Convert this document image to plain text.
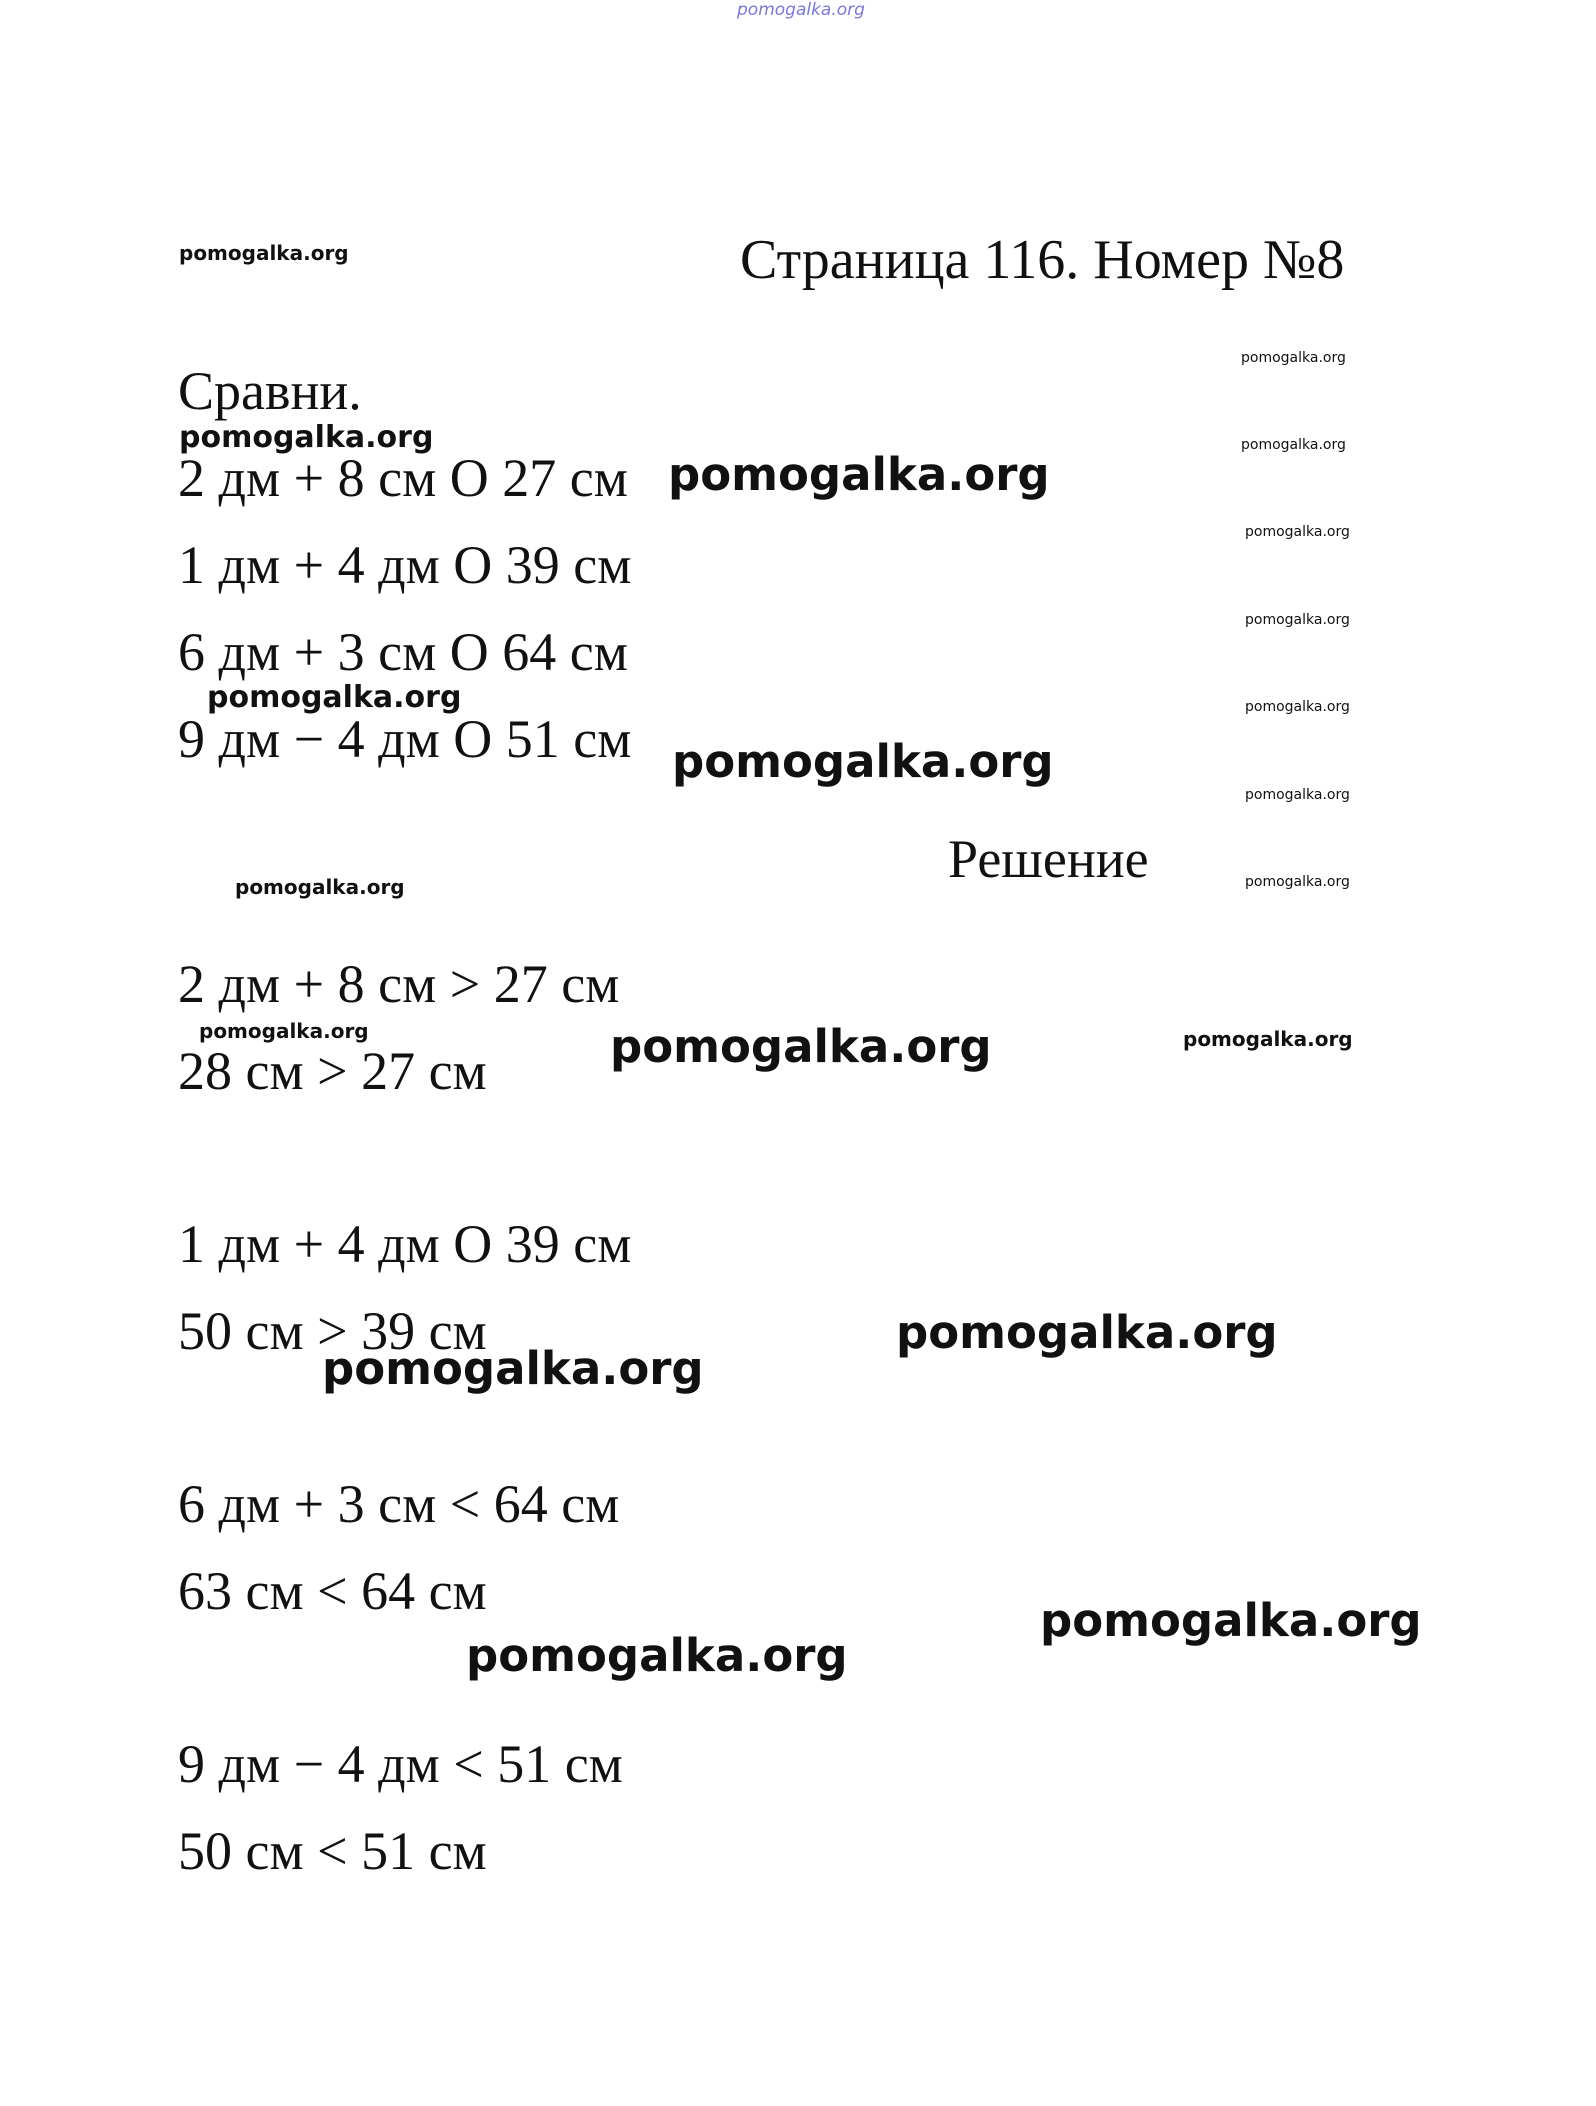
pomogalka.org
Страница 116. Номер №8
Сравни.
2 дм + 8 см О 27 см
1 дм + 4 дм О 39 см
6 дм + 3 см О 64 см
9 дм − 4 дм О 51 см
Решение
2 дм + 8 см > 27 см
28 см > 27 см
1 дм + 4 дм О 39 см
50 см > 39 см
6 дм + 3 см < 64 см
63 см < 64 см
9 дм − 4 дм < 51 см
50 см < 51 см
pomogalka.org
pomogalka.org
pomogalka.org	pomogalka.org
pomogalka.org
pomogalka.org
pomogalka.org
pomogalka.org	pomogalka.org
pomogalka.org
pomogalka.org
pomogalka.org	pomogalka.org
pomogalka.org	pomogalka.org	pomogalka.org
pomogalka.org
pomogalka.org
pomogalka.org
pomogalka.org
